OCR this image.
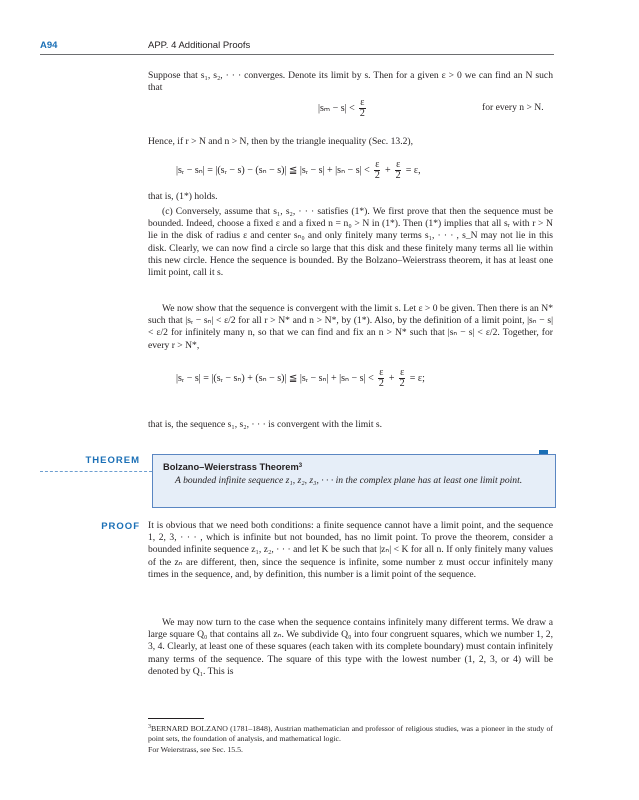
A94	APP. 4 Additional Proofs

Suppose that s₁, s₂, · · · converges. Denote its limit by s. Then for a given ε > 0 we can find an N such that

$|s_m - s| < \frac{\varepsilon}{2}$	for every n > N.

Hence, if r > N and n > N, then by the triangle inequality (Sec. 13.2),

|sᵣ − sₙ| = |(sᵣ − s) − (sₙ − s)| ≦ |sᵣ − $s| + |s_n - s| < \frac{\varepsilon}{2} + \frac{\varepsilon}{2} = \varepsilon$,

that is, (1*) holds.

(c) Conversely, assume that s₁, s₂, · · · satisfies (1*). We first prove that then the sequence must be bounded. Indeed, choose a fixed ε and a fixed n = n₀ > N in (1*). Then (1*) implies that all sᵣ with r > N lie in the disk of radius ε and center sₙ₀ and only finitely many terms s₁, · · · , s_N may not lie in this disk. Clearly, we can now find a circle so large that this disk and these finitely many terms all lie within this new circle. Hence the sequence is bounded. By the Bolzano–Weierstrass theorem, it has at least one limit point, call it s.

We now show that the sequence is convergent with the limit s. Let ε > 0 be given. Then there is an N* such that |sᵣ − sₙ| < ε/2 for all r > N* and n > N*, by (1*). Also, by the definition of a limit point, |sₙ − s| < ε/2 for infinitely many n, so that we can find and fix an n > N* such that |sₙ − s| < ε/2. Together, for every r > N*,

|sᵣ − s| = |(sᵣ − sₙ) + (sₙ − s)| ≦ |sᵣ − $s_n| + |s_n - s| < \frac{\varepsilon}{2} + \frac{\varepsilon}{2} = \varepsilon$;

that is, the sequence s₁, s₂, · · · is convergent with the limit s.

THEOREM
Bolzano–Weierstrass Theorem$^3$
A bounded infinite sequence z₁, z₂, z₃, · · · in the complex plane has at least one limit point.
PROOF It is obvious that we need both conditions: a finite sequence cannot have a limit point, and the sequence 1, 2, 3, · · · , which is infinite but not bounded, has no limit point. To prove the theorem, consider a bounded infinite sequence z₁, z₂, · · · and let K be such that |zₙ| < K for all n. If only finitely many values of the zₙ are different, then, since the sequence is infinite, some number z must occur infinitely many times in the sequence, and, by definition, this number is a limit point of the sequence.

We may now turn to the case when the sequence contains infinitely many different terms. We draw a large square Q₀ that contains all zₙ. We subdivide Q₀ into four congruent squares, which we number 1, 2, 3, 4. Clearly, at least one of these squares (each taken with its complete boundary) must contain infinitely many terms of the sequence. The square of this type with the lowest number (1, 2, 3, or 4) will be denoted by Q₁. This is

$^3$BERNARD BOLZANO (1781–1848), Austrian mathematician and professor of religious studies, was a pioneer in the study of point sets, the foundation of analysis, and mathematical logic.
For Weierstrass, see Sec. 15.5.
